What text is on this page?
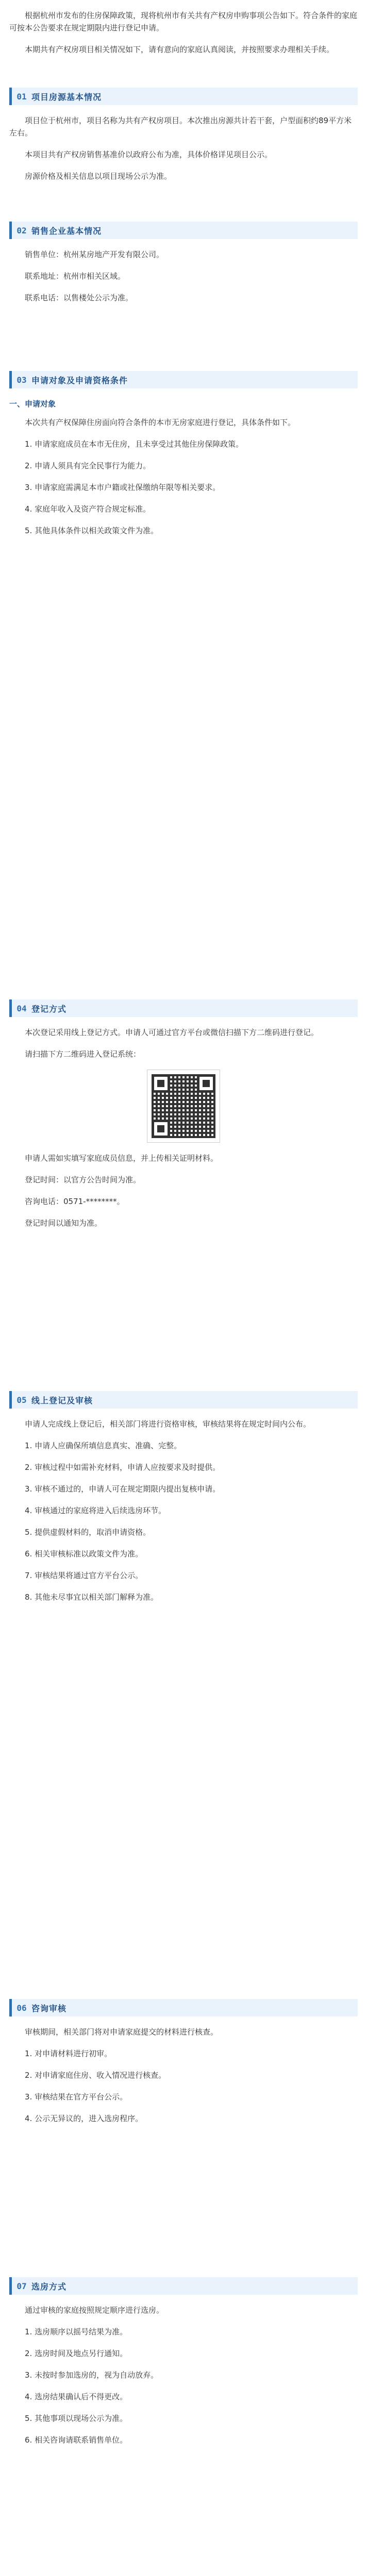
根据杭州市发布的住房保障政策，现将杭州市有关共有产权房申购事项公告如下。符合条件的家庭可按本公告要求在规定期限内进行登记申请。

本期共有产权房项目相关情况如下，请有意向的家庭认真阅读，并按照要求办理相关手续。

01 项目房源基本情况

项目位于杭州市，项目名称为共有产权房项目。本次推出房源共计若干套，户型面积约89平方米左右。

本项目共有产权房销售基准价以政府公布为准，具体价格详见项目公示。

房源价格及相关信息以项目现场公示为准。

02 销售企业基本情况

销售单位：杭州某房地产开发有限公司。

联系地址：杭州市相关区域。

联系电话：以售楼处公示为准。

03 申请对象及申请资格条件

一、申请对象

本次共有产权保障住房面向符合条件的本市无房家庭进行登记，具体条件如下。

1. 申请家庭成员在本市无住房，且未享受过其他住房保障政策。

2. 申请人须具有完全民事行为能力。

3. 申请家庭需满足本市户籍或社保缴纳年限等相关要求。

4. 家庭年收入及资产符合规定标准。

5. 其他具体条件以相关政策文件为准。

04 登记方式

本次登记采用线上登记方式。申请人可通过官方平台或微信扫描下方二维码进行登记。

请扫描下方二维码进入登记系统：

申请人需如实填写家庭成员信息，并上传相关证明材料。

登记时间：以官方公告时间为准。

咨询电话：0571-********。

登记时间以通知为准。

05 线上登记及审核

申请人完成线上登记后，相关部门将进行资格审核，审核结果将在规定时间内公布。

1. 申请人应确保所填信息真实、准确、完整。

2. 审核过程中如需补充材料，申请人应按要求及时提供。

3. 审核不通过的，申请人可在规定期限内提出复核申请。

4. 审核通过的家庭将进入后续选房环节。

5. 提供虚假材料的，取消申请资格。

6. 相关审核标准以政策文件为准。

7. 审核结果将通过官方平台公示。

8. 其他未尽事宜以相关部门解释为准。

06 咨询审核

审核期间，相关部门将对申请家庭提交的材料进行核查。

1. 对申请材料进行初审。

2. 对申请家庭住房、收入情况进行核查。

3. 审核结果在官方平台公示。

4. 公示无异议的，进入选房程序。

07 选房方式

通过审核的家庭按照规定顺序进行选房。

1. 选房顺序以摇号结果为准。

2. 选房时间及地点另行通知。

3. 未按时参加选房的，视为自动放弃。

4. 选房结果确认后不得更改。

5. 其他事项以现场公示为准。

6. 相关咨询请联系销售单位。
